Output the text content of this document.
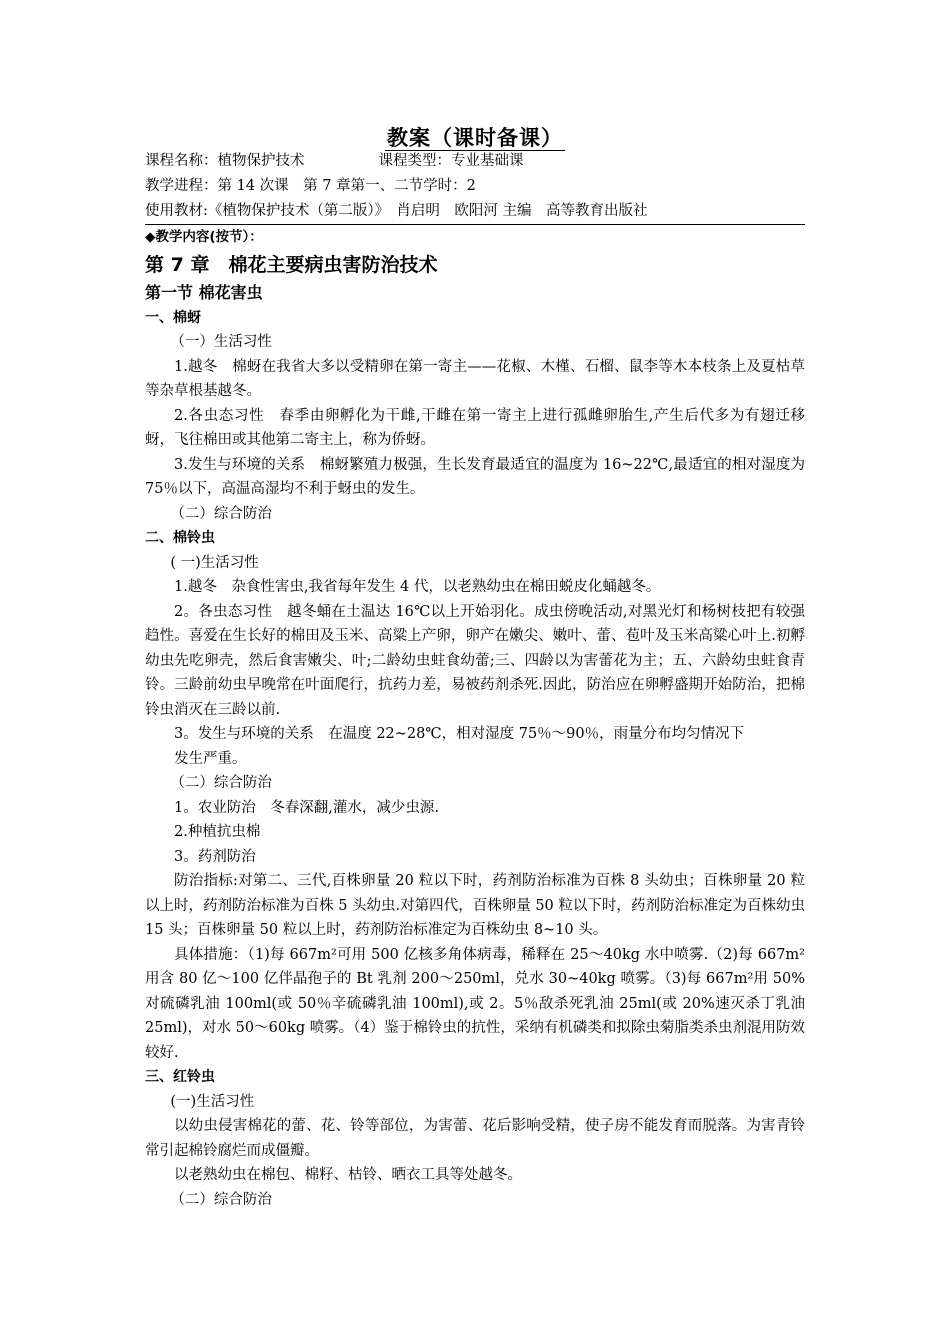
教案（课时备课）
课程名称：植物保护技术	课程类型：专业基础课
教学进程：第 14 次课　第 7 章第一、二节学时：2
使用教材:《植物保护技术（第二版）》　肖启明　欧阳河 主编　高等教育出版社

◆教学内容(按节）：

第 7 章　棉花主要病虫害防治技术

第一节 棉花害虫

一、棉蚜

（一）生活习性

1.越冬　棉蚜在我省大多以受精卵在第一寄主——花椒、木槿、石榴、鼠李等木本枝条上及夏枯草等杂草根基越冬。

2.各虫态习性　春季由卵孵化为干雌,干雌在第一寄主上进行孤雌卵胎生,产生后代多为有翅迁移蚜，飞往棉田或其他第二寄主上，称为侨蚜。

3.发生与环境的关系　棉蚜繁殖力极强，生长发育最适宜的温度为 16~22℃,最适宜的相对湿度为 75％以下，高温高湿均不利于蚜虫的发生。

（二）综合防治

二、棉铃虫

( 一)生活习性

1.越冬　杂食性害虫,我省每年发生 4 代，以老熟幼虫在棉田蜕皮化蛹越冬。

2。各虫态习性　越冬蛹在土温达 16℃以上开始羽化。成虫傍晚活动,对黑光灯和杨树枝把有较强趋性。喜爱在生长好的棉田及玉米、高粱上产卵，卵产在嫩尖、嫩叶、蕾、苞叶及玉米高粱心叶上.初孵幼虫先吃卵壳，然后食害嫩尖、叶;二龄幼虫蛀食幼蕾;三、四龄以为害蕾花为主；五、六龄幼虫蛀食青铃。三龄前幼虫早晚常在叶面爬行，抗药力差，易被药剂杀死.因此，防治应在卵孵盛期开始防治，把棉铃虫消灭在三龄以前.

3。发生与环境的关系　在温度 22~28℃，相对湿度 75％～90％，雨量分布均匀情况下

发生严重。

（二）综合防治

1。农业防治　冬春深翻,灌水，减少虫源.

2.种植抗虫棉

3。药剂防治

防治指标:对第二、三代,百株卵量 20 粒以下时，药剂防治标准为百株 8 头幼虫；百株卵量 20 粒以上时，药剂防治标准为百株 5 头幼虫.对第四代，百株卵量 50 粒以下时，药剂防治标准定为百株幼虫 15 头；百株卵量 50 粒以上时，药剂防治标准定为百株幼虫 8~10 头。

具体措施：（1)每 667m²可用 500 亿核多角体病毒，稀释在 25～40kg 水中喷雾.（2)每 667m²用含 80 亿～100 亿伴晶孢子的 Bt 乳剂 200～250ml，兑水 30~40kg 喷雾。（3)每 667m²用 50%对硫磷乳油 100ml(或 50％辛硫磷乳油 100ml),或 2。5％敌杀死乳油 25ml(或 20%速灭杀丁乳油 25ml)，对水 50～60kg 喷雾。（4）鉴于棉铃虫的抗性，采纳有机磷类和拟除虫菊脂类杀虫剂混用防效较好.

三、红铃虫

(一)生活习性

以幼虫侵害棉花的蕾、花、铃等部位，为害蕾、花后影响受精，使子房不能发育而脱落。为害青铃常引起棉铃腐烂而成僵瓣。

以老熟幼虫在棉包、棉籽、枯铃、晒衣工具等处越冬。

（二）综合防治
